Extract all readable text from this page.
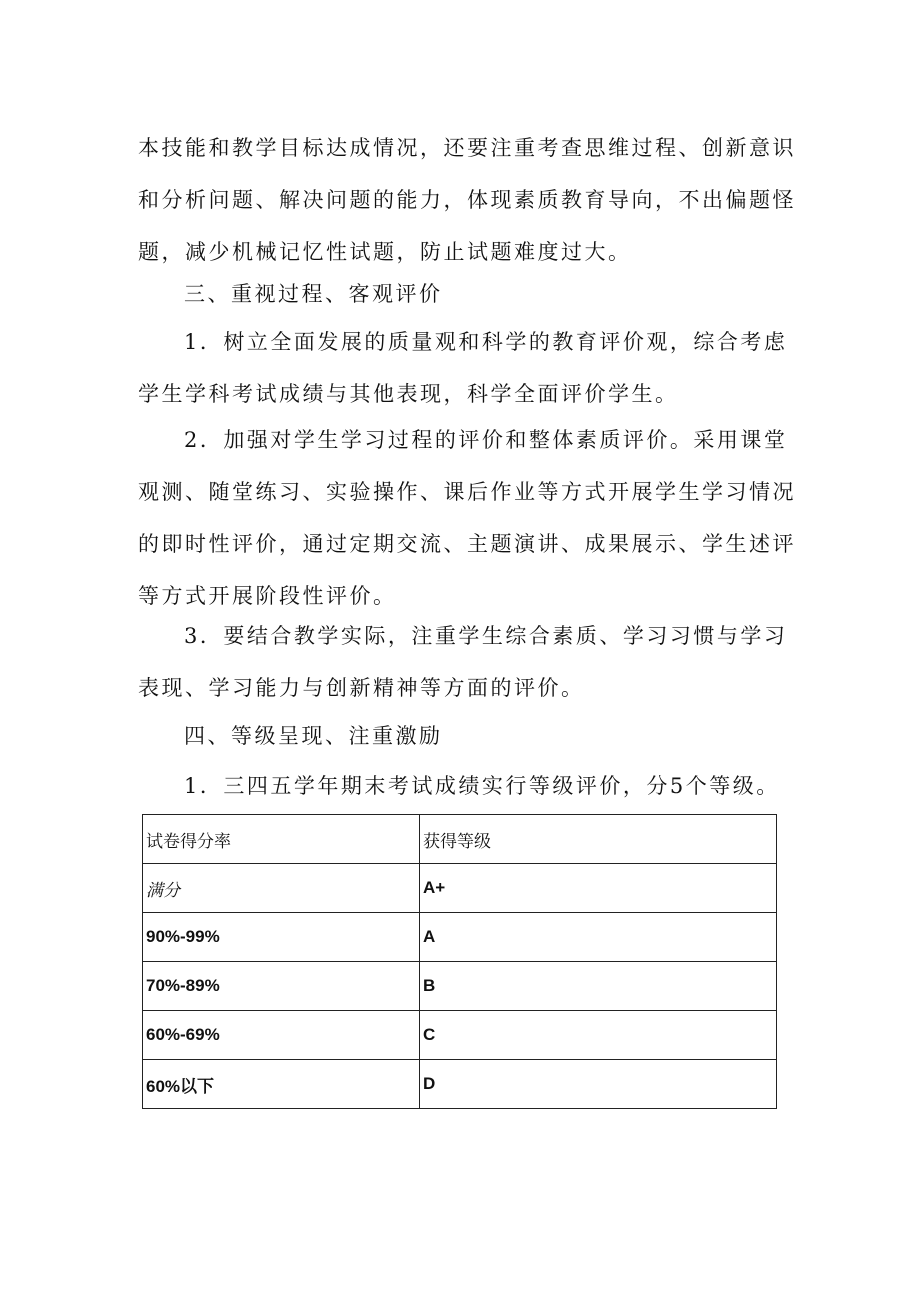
本技能和教学目标达成情况，还要注重考查思维过程、创新意识
和分析问题、解决问题的能力，体现素质教育导向，不出偏题怪
题，减少机械记忆性试题，防止试题难度过大。

三、重视过程、客观评价

1．树立全面发展的质量观和科学的教育评价观，综合考虑
学生学科考试成绩与其他表现，科学全面评价学生。

2．加强对学生学习过程的评价和整体素质评价。采用课堂
观测、随堂练习、实验操作、课后作业等方式开展学生学习情况
的即时性评价，通过定期交流、主题演讲、成果展示、学生述评
等方式开展阶段性评价。

3．要结合教学实际，注重学生综合素质、学习习惯与学习
表现、学习能力与创新精神等方面的评价。

四、等级呈现、注重激励

1．三四五学年期末考试成绩实行等级评价，分5个等级。

试卷得分率	获得等级
满分	A+
90%-99%	A
70%-89%	B
60%-69%	C
60%以下	D
